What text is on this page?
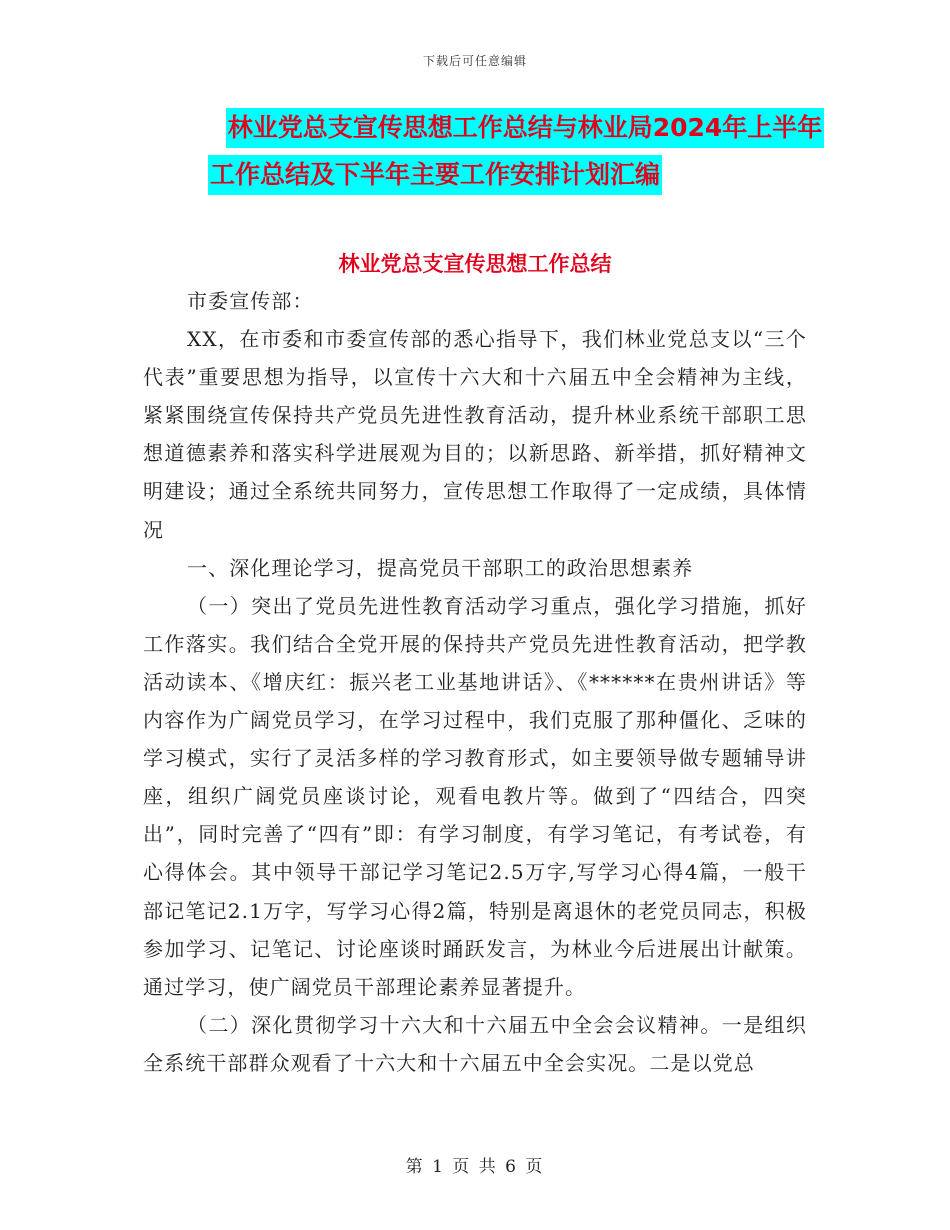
下载后可任意编辑
林业党总支宣传思想工作总结与林业局2024年上半年
工作总结及下半年主要工作安排计划汇编
林业党总支宣传思想工作总结

市委宣传部：

XX，在市委和市委宣传部的悉心指导下，我们林业党总支以“三个代表”重要思想为指导，以宣传十六大和十六届五中全会精神为主线，紧紧围绕宣传保持共产党员先进性教育活动，提升林业系统干部职工思想道德素养和落实科学进展观为目的；以新思路、新举措，抓好精神文明建设；通过全系统共同努力，宣传思想工作取得了一定成绩，具体情况

一、深化理论学习，提高党员干部职工的政治思想素养

（一）突出了党员先进性教育活动学习重点，强化学习措施，抓好工作落实。我们结合全党开展的保持共产党员先进性教育活动，把学教活动读本、《增庆红：振兴老工业基地讲话》、《******在贵州讲话》等内容作为广阔党员学习，在学习过程中，我们克服了那种僵化、乏味的学习模式，实行了灵活多样的学习教育形式，如主要领导做专题辅导讲座，组织广阔党员座谈讨论，观看电教片等。做到了“四结合，四突出”，同时完善了“四有”即：有学习制度，有学习笔记，有考试卷，有心得体会。其中领导干部记学习笔记2.5万字,写学习心得4篇，一般干部记笔记2.1万字，写学习心得2篇，特别是离退休的老党员同志，积极参加学习、记笔记、讨论座谈时踊跃发言，为林业今后进展出计献策。通过学习，使广阔党员干部理论素养显著提升。

（二）深化贯彻学习十六大和十六届五中全会会议精神。一是组织全系统干部群众观看了十六大和十六届五中全会实况。二是以党总

第 1 页 共 6 页
